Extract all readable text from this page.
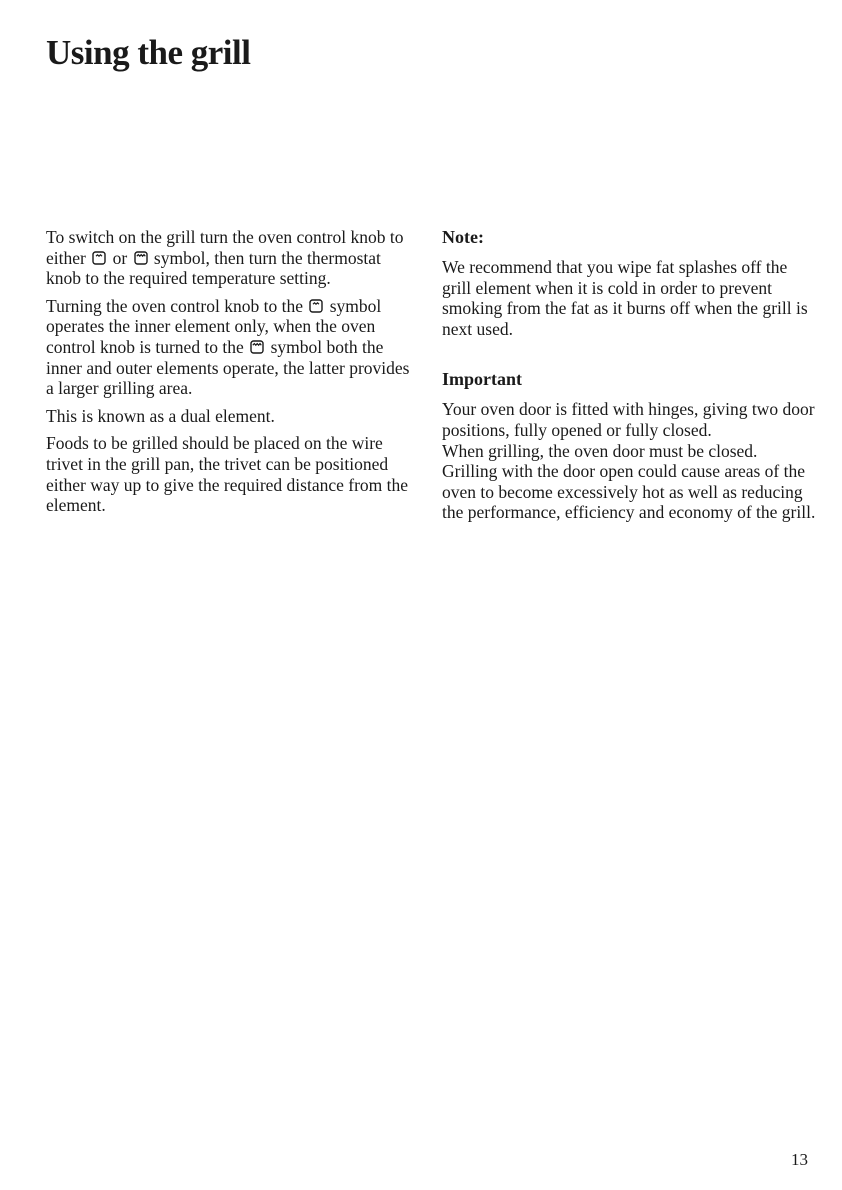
Using the grill

To switch on the grill turn the oven control knob to either or symbol, then turn the thermostat knob to the required temperature setting.

Turning the oven control knob to the symbol operates the inner element only, when the oven control knob is turned to the symbol both the inner and outer elements operate, the latter provides a larger grilling area.

This is known as a dual element.

Foods to be grilled should be placed on the wire trivet in the grill pan, the trivet can be positioned either way up to give the required distance from the element.

Note:

We recommend that you wipe fat splashes off the grill element when it is cold in order to prevent smoking from the fat as it burns off when the grill is next used.

Important

Your oven door is fitted with hinges, giving two door positions, fully opened or fully closed.

When grilling, the oven door must be closed.

Grilling with the door open could cause areas of the oven to become excessively hot as well as reducing the performance, efficiency and economy of the grill.

13
